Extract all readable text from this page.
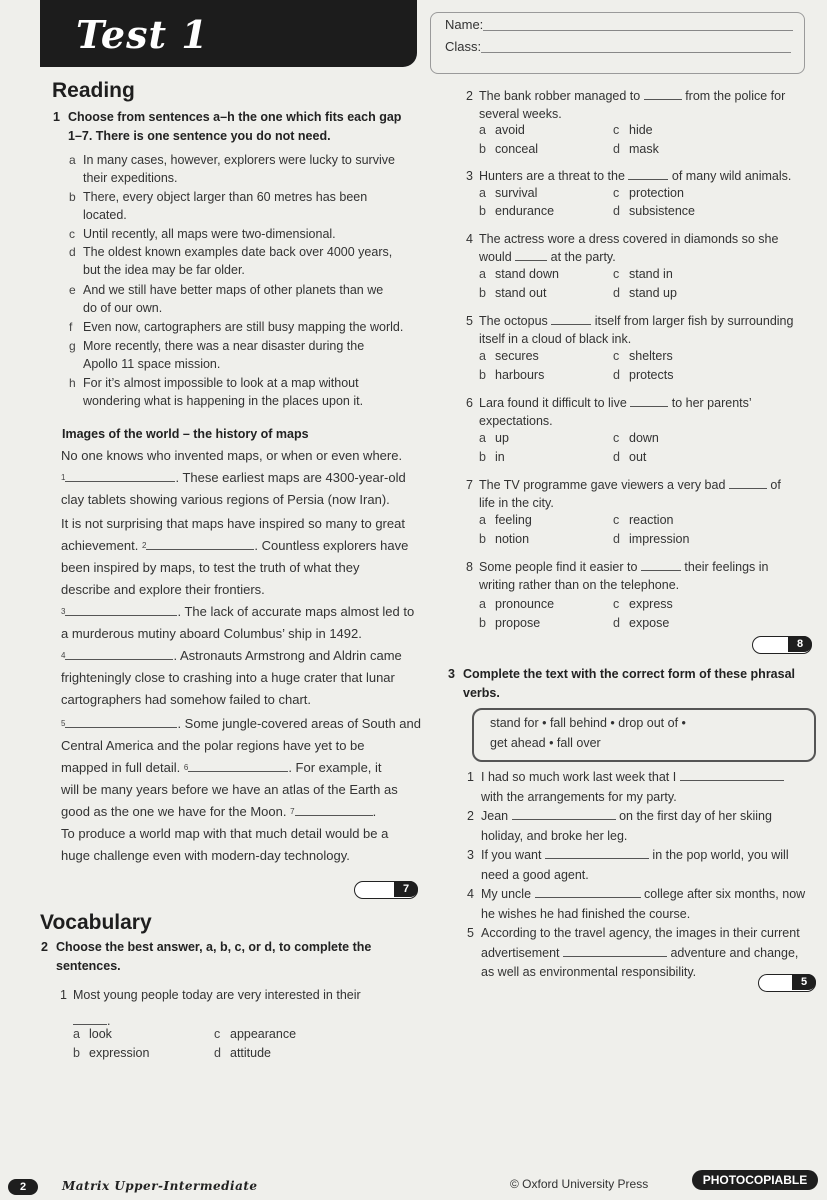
Test 1	Name:
Class:
Reading
1 Choose from sentences a–h the one which fits each gap
1–7. There is one sentence you do not need.
a In many cases, however, explorers were lucky to survive
their expeditions.
b There, every object larger than 60 metres has been
located.
c Until recently, all maps were two-dimensional.
d The oldest known examples date back over 4000 years,
but the idea may be far older.
e And we still have better maps of other planets than we
do of our own.
f Even now, cartographers are still busy mapping the world.
g More recently, there was a near disaster during the
Apollo 11 space mission.
h For it’s almost impossible to look at a map without
wondering what is happening in the places upon it.
Images of the world – the history of maps
No one knows who invented maps, or when or even where.
$^1$	. These earliest maps are 4300-year-old
clay tablets showing various regions of Persia (now Iran).
It is not surprising that maps have inspired so many to great
achievement. $^2$	. Countless explorers have
been inspired by maps, to test the truth of what they
describe and explore their frontiers.
$^3$	. The lack of accurate maps almost led to
a murderous mutiny aboard Columbus’ ship in 1492.
$^4$	. Astronauts Armstrong and Aldrin came
frighteningly close to crashing into a huge crater that lunar
cartographers had somehow failed to chart.
$^5$	. Some jungle-covered areas of South and
Central America and the polar regions have yet to be
mapped in full detail. $^6$	. For example, it
will be many years before we have an atlas of the Earth as
good as the one we have for the Moon. $^7$	.
To produce a world map with that much detail would be a
huge challenge even with modern-day technology.
7
Vocabulary
2 Choose the best answer, a, b, c, or d, to complete the
sentences.
1 Most young people today are very interested in their
.
a look	c appearance
b expression	d attitude
2 The bank robber managed to	from the police for
several weeks.
a avoid	c hide
b conceal	d mask
3 Hunters are a threat to the	of many wild animals.
a survival	c protection
b endurance	d subsistence
4 The actress wore a dress covered in diamonds so she
would	at the party.
a stand down	c stand in
b stand out	d stand up
5 The octopus	itself from larger fish by surrounding
itself in a cloud of black ink.
a secures	c shelters
b harbours	d protects
6 Lara found it difficult to live	to her parents’
expectations.
a up	c down
b in	d out
7 The TV programme gave viewers a very bad	of
life in the city.
a feeling	c reaction
b notion	d impression
8 Some people find it easier to	their feelings in
writing rather than on the telephone.
a pronounce	c express
b propose	d expose
8
3 Complete the text with the correct form of these phrasal
verbs.
stand for • fall behind • drop out of •
get ahead • fall over
1 I had so much work last week that I
with the arrangements for my party.
2 Jean	on the first day of her skiing
holiday, and broke her leg.
3 If you want	in the pop world, you will
need a good agent.
4 My uncle	college after six months, now
he wishes he had finished the course.
5 According to the travel agency, the images in their current
advertisement	adventure and change,
as well as environmental responsibility.
5
2	Matrix Upper-Intermediate	© Oxford University Press	PHOTOCOPIABLE
